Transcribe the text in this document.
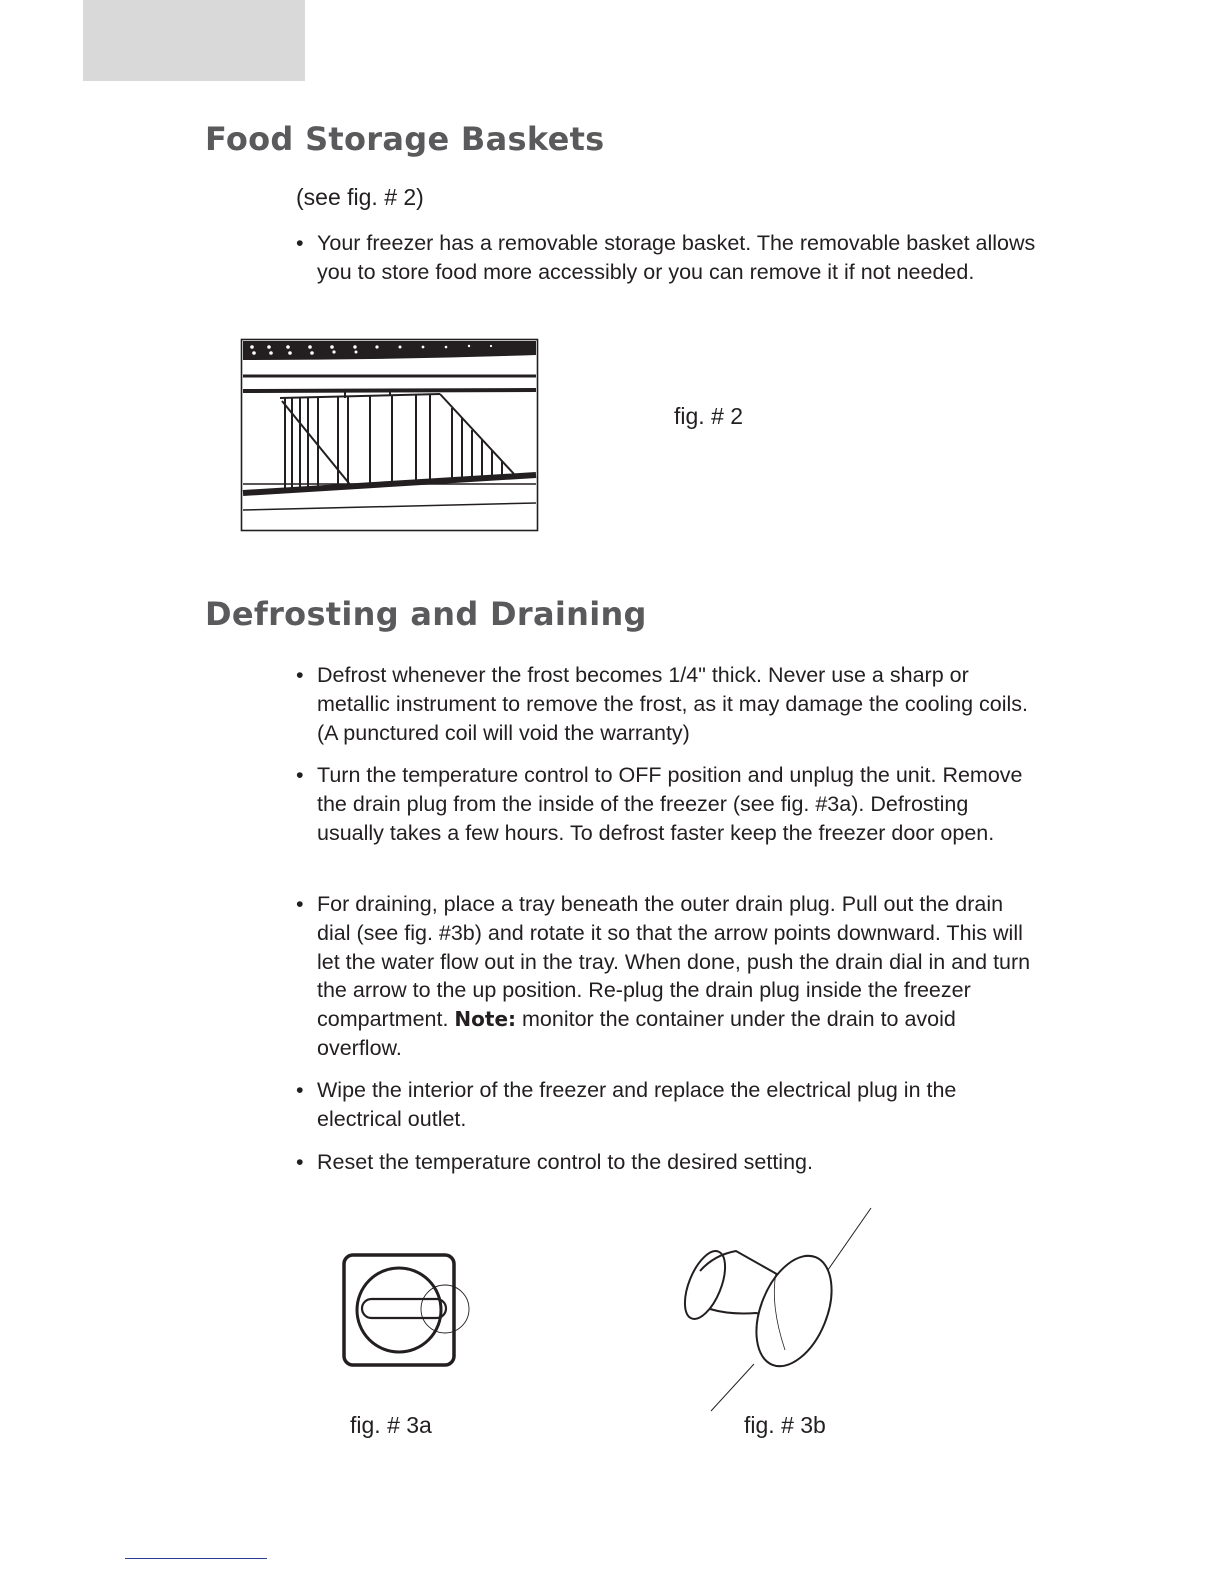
Food Storage Baskets
(see fig. # 2)
• Your freezer has a removable storage basket. The removable basket allows you to store food more accessibly or you can remove it if not needed.
fig. # 2
Defrosting and Draining
• Defrost whenever the frost becomes 1/4" thick. Never use a sharp or metallic instrument to remove the frost, as it may damage the cooling coils. (A punctured coil will void the warranty)
• Turn the temperature control to OFF position and unplug the unit. Remove the drain plug from the inside of the freezer (see fig. #3a). Defrosting usually takes a few hours. To defrost faster keep the freezer door open.
• For draining, place a tray beneath the outer drain plug. Pull out the drain dial (see fig. #3b) and rotate it so that the arrow points downward. This will let the water flow out in the tray. When done, push the drain dial in and turn the arrow to the up position. Re-plug the drain plug inside the freezer compartment. Note: monitor the container under the drain to avoid overflow.
• Wipe the interior of the freezer and replace the electrical plug in the electrical outlet.
• Reset the temperature control to the desired setting.
fig. # 3a	fig. # 3b
